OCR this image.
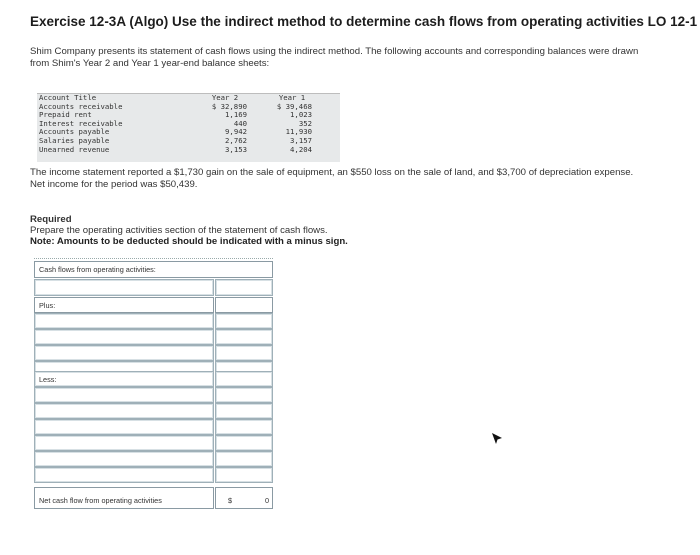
Exercise 12-3A (Algo) Use the indirect method to determine cash flows from operating activities LO 12-1
Shim Company presents its statement of cash flows using the indirect method. The following accounts and corresponding balances were drawn from Shim's Year 2 and Year 1 year-end balance sheets:
Account Title
Accounts receivable
Prepaid rent
Interest receivable
Accounts payable
Salaries payable
Unearned revenue
Year 2
$ 32,890
1,169
440
9,942
2,762
3,153
Year 1
$ 39,468
1,023
352
11,930
3,157
4,204
The income statement reported a $1,730 gain on the sale of equipment, an $550 loss on the sale of land, and $3,700 of depreciation expense. Net income for the period was $50,439.
Required
Prepare the operating activities section of the statement of cash flows.
Note: Amounts to be deducted should be indicated with a minus sign.
Cash flows from operating activities:
Plus:
Less:
Net cash flow from operating activities	$	0
